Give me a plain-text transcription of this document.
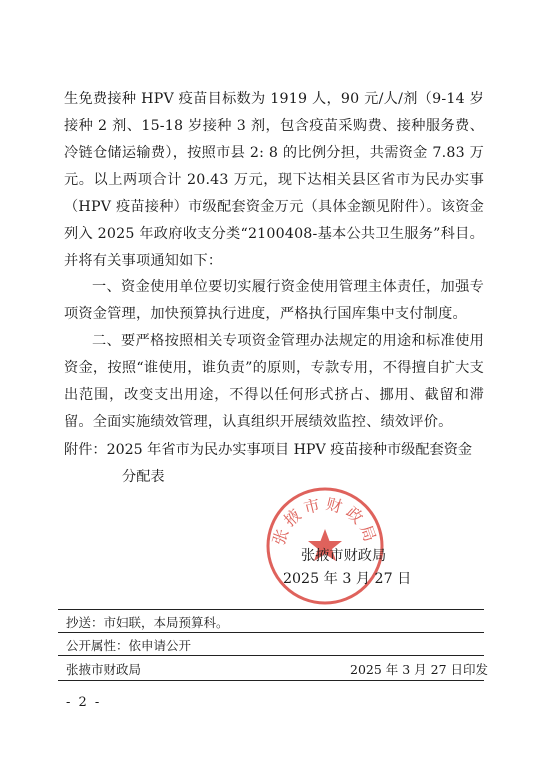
生免费接种 HPV 疫苗目标数为 1919 人，90 元/人/剂（9-14 岁接种 2 剂、15-18 岁接种 3 剂，包含疫苗采购费、接种服务费、冷链仓储运输费），按照市县 2: 8 的比例分担，共需资金 7.83 万元。以上两项合计 20.43 万元，现下达相关县区省市为民办实事（HPV 疫苗接种）市级配套资金万元（具体金额见附件）。该资金列入 2025 年政府收支分类“2100408-基本公共卫生服务”科目。并将有关事项通知如下：
一、资金使用单位要切实履行资金使用管理主体责任，加强专项资金管理，加快预算执行进度，严格执行国库集中支付制度。
二、要严格按照相关专项资金管理办法规定的用途和标准使用资金，按照“谁使用，谁负责”的原则，专款专用，不得擅自扩大支出范围，改变支出用途，不得以任何形式挤占、挪用、截留和滞留。全面实施绩效管理，认真组织开展绩效监控、绩效评价。
附件：2025 年省市为民办实事项目 HPV 疫苗接种市级配套资金
分配表
张掖市财政局
张掖市财政局
2025 年 3 月 27 日
抄送：市妇联，本局预算科。
公开属性：依申请公开
张掖市财政局	2025 年 3 月 27 日印发
- 2 -
